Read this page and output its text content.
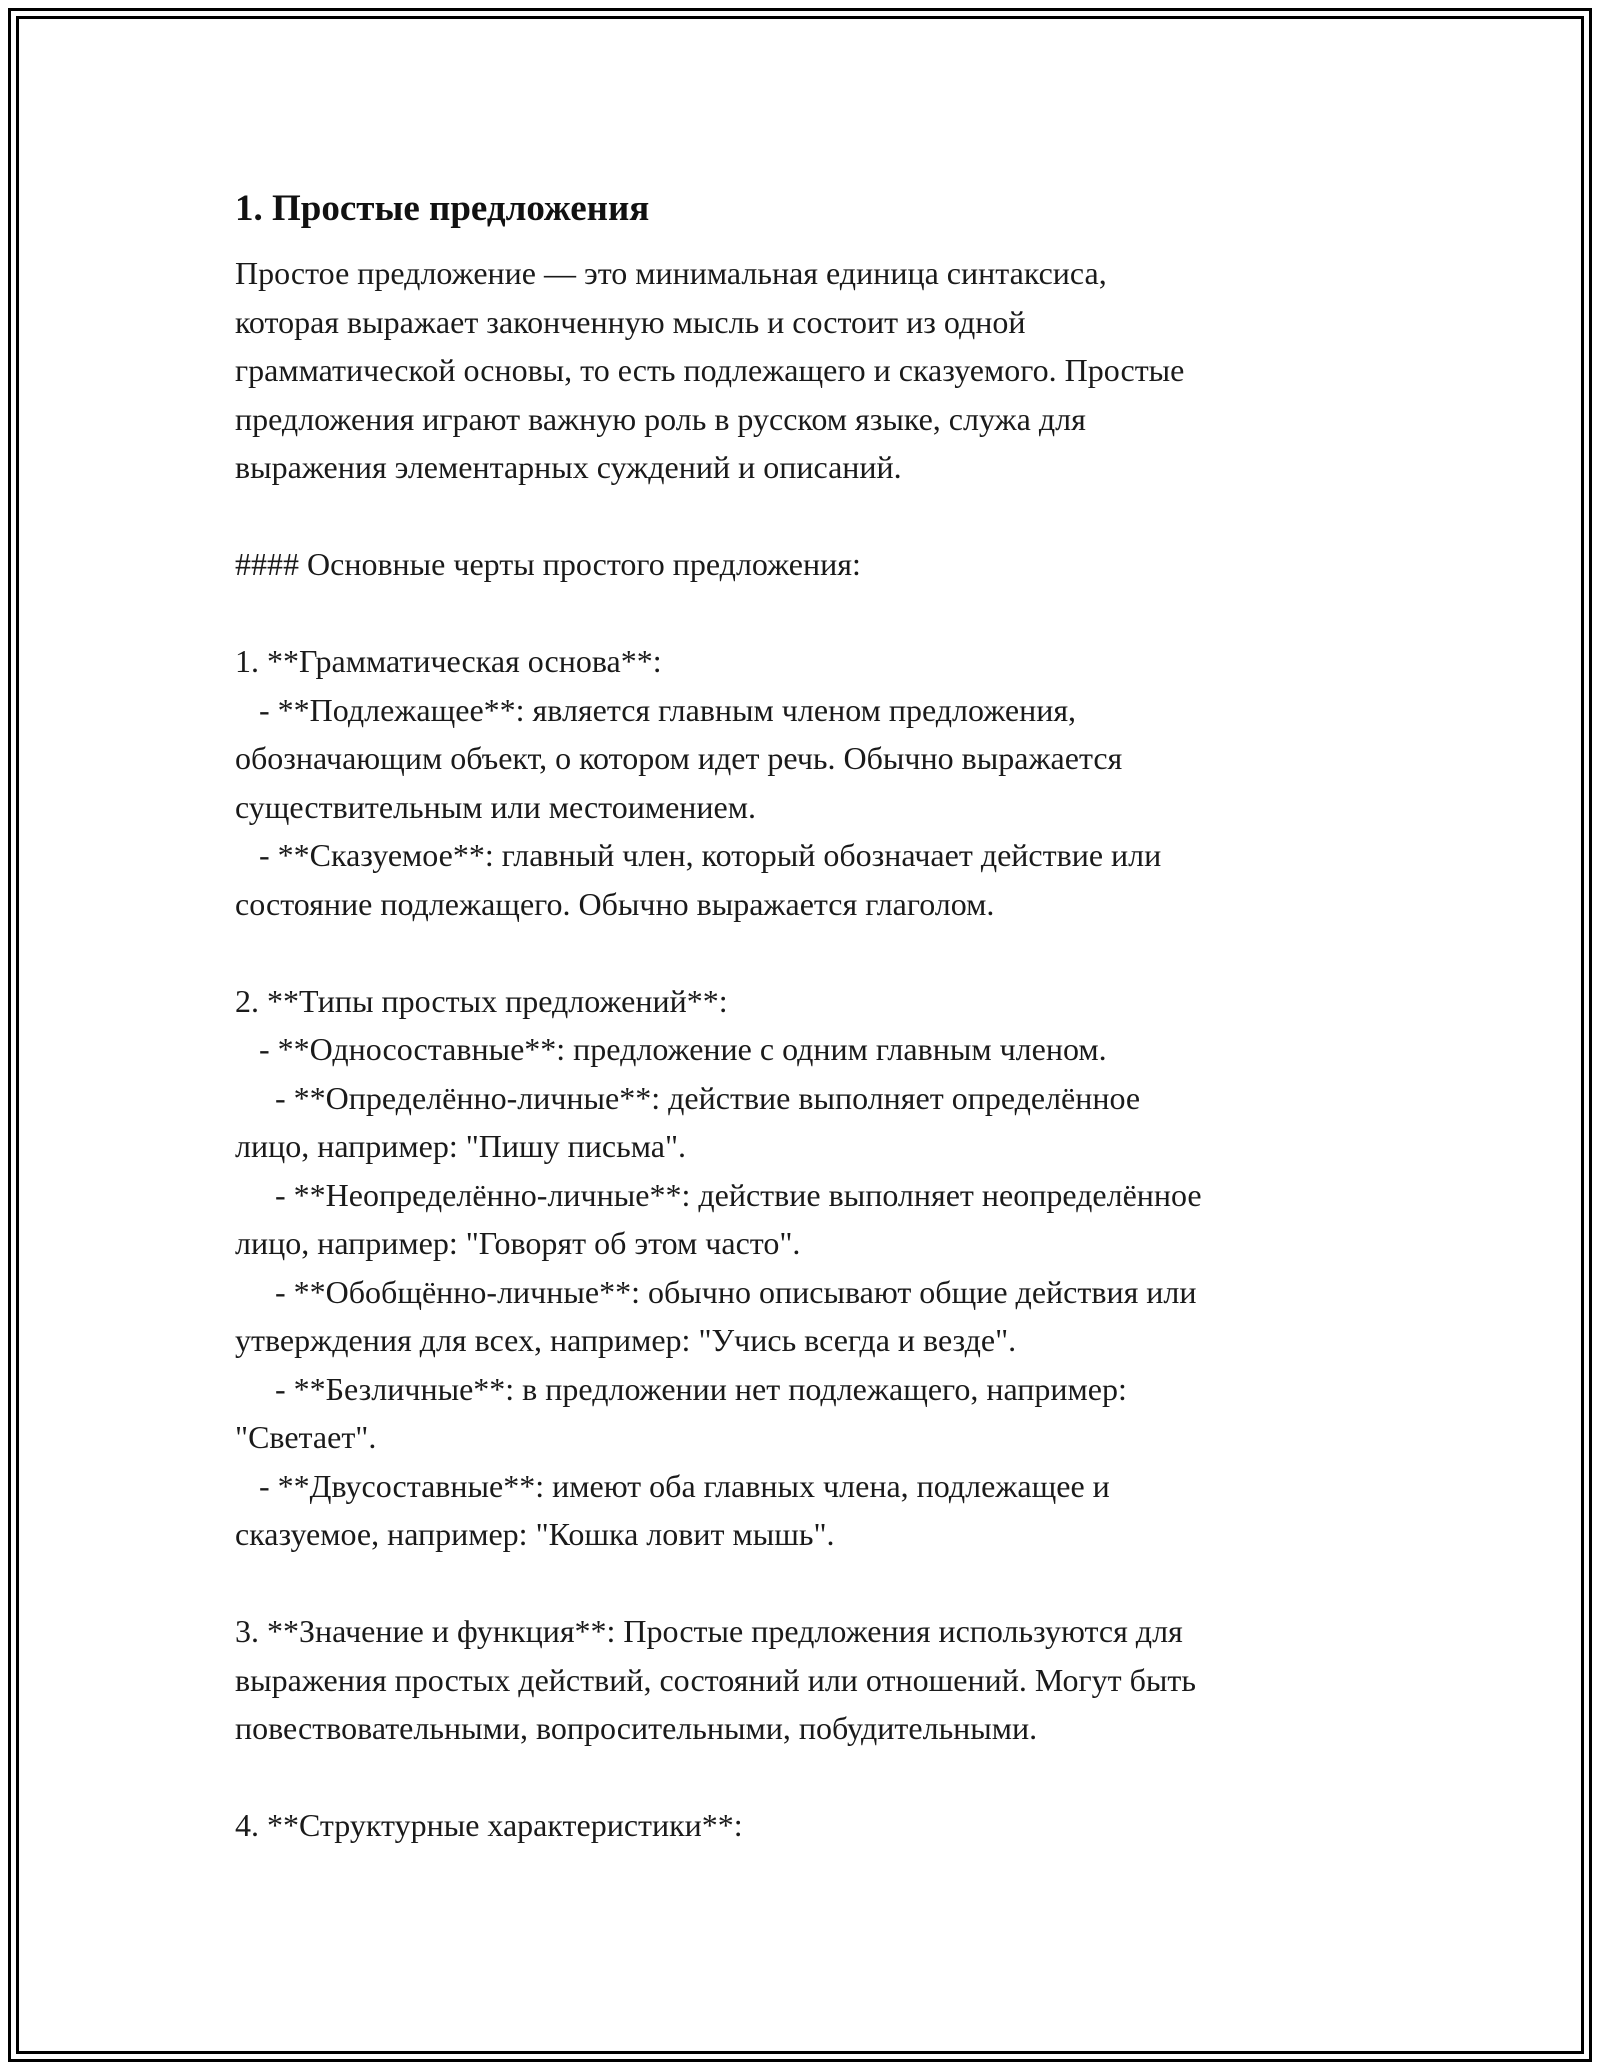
1. Простые предложения

Простое предложение — это минимальная единица синтаксиса,
которая выражает законченную мысль и состоит из одной
грамматической основы, то есть подлежащего и сказуемого. Простые
предложения играют важную роль в русском языке, служа для
выражения элементарных суждений и описаний.

#### Основные черты простого предложения:

1. **Грамматическая основа**:
- **Подлежащее**: является главным членом предложения,
обозначающим объект, о котором идет речь. Обычно выражается
существительным или местоимением.
- **Сказуемое**: главный член, который обозначает действие или
состояние подлежащего. Обычно выражается глаголом.

2. **Типы простых предложений**:
- **Односоставные**: предложение с одним главным членом.
- **Определённо-личные**: действие выполняет определённое
лицо, например: "Пишу письма".
- **Неопределённо-личные**: действие выполняет неопределённое
лицо, например: "Говорят об этом часто".
- **Обобщённо-личные**: обычно описывают общие действия или
утверждения для всех, например: "Учись всегда и везде".
- **Безличные**: в предложении нет подлежащего, например:
"Светает".
- **Двусоставные**: имеют оба главных члена, подлежащее и
сказуемое, например: "Кошка ловит мышь".

3. **Значение и функция**: Простые предложения используются для
выражения простых действий, состояний или отношений. Могут быть
повествовательными, вопросительными, побудительными.

4. **Структурные характеристики**:
